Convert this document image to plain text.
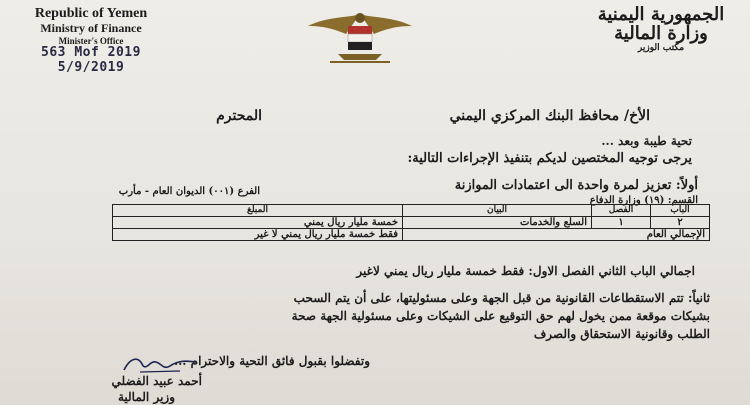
Republic of Yemen
Ministry of Finance
Minister's Office
563 Mof 2019
5/9/2019
الجمهورية اليمنية
وزارة المالية
مكتب الوزير
الأخ/ محافظ البنك المركزي اليمني
المحترم
تحية طيبة وبعد ...
يرجى توجيه المختصين لديكم بتنفيذ الإجراءات التالية:
أولاً: تعزيز لمرة واحدة الى اعتمادات الموازنة
القسم: (١٩) وزارة الدفاع
الفرع (٠٠١) الديوان العام - مأرب
الباب	الفصل	البيان	المبلغ
٢	١	السلع والخدمات	خمسة مليار ريال يمني
الإجمالي العام			فقط خمسة مليار ريال يمني لا غير
اجمالي الباب الثاني الفصل الاول: فقط خمسة مليار ريال يمني لاغير
ثانياً: تتم الاستقطاعات القانونية من قبل الجهة وعلى مسئوليتها، على أن يتم السحب
بشيكات موقعة ممن يخول لهم حق التوقيع على الشيكات وعلى مسئولية الجهة صحة
الطلب وقانونية الاستحقاق والصرف
وتفضلوا بقبول فائق التحية والاحترام ...
أحمد عبيد الفضلي
وزير المالية
